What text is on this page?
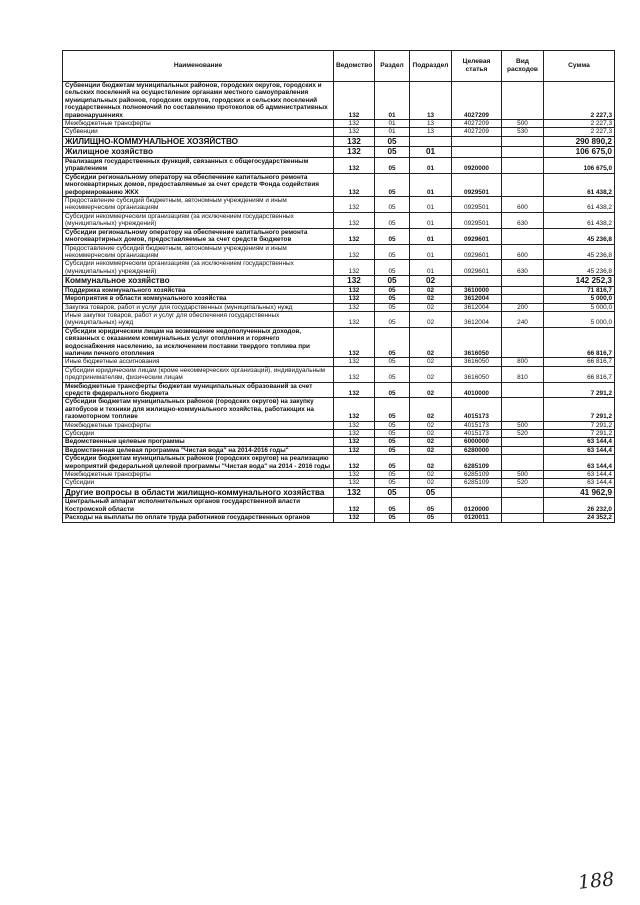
Наименование	Ведомство	Раздел	Подраздел	Целевая статья	Вид расходов	Сумма
Субвенции бюджетам муниципальных районов, городских округов, городских и сельских поселений на осуществление органами местного самоуправления муниципальных районов, городских округов, городских и сельских поселений государственных полномочий по составлению протоколов об административных правонарушениях	132	01	13	4027209		2 227,3
Межбюджетные трансферты	132	01	13	4027209	500	2 227,3
Субвенции	132	01	13	4027209	530	2 227,3
ЖИЛИЩНО-КОММУНАЛЬНОЕ ХОЗЯЙСТВО	132	05				290 890,2
Жилищное хозяйство	132	05	01			106 675,0
Реализация государственных функций, связанных с общегосударственным управлением	132	05	01	0920000		106 675,0
Субсидии региональному оператору на обеспечение капитального ремонта многоквартирных домов, предоставляемые за счет средств Фонда содействия реформированию ЖКХ	132	05	01	0929501		61 438,2
Предоставление субсидий бюджетным, автономным учреждениям и иным некоммерческим организациям	132	05	01	0929501	600	61 438,2
Субсидии некоммерческим организациям (за исключением государственных (муниципальных) учреждений)	132	05	01	0929501	630	61 438,2
Субсидии региональному оператору на обеспечение капитального ремонта многоквартирных домов, предоставляемые за счет средств бюджетов	132	05	01	0929601		45 236,8
Предоставление субсидий бюджетным, автономным учреждениям и иным некоммерческим организациям	132	05	01	0929601	600	45 236,8
Субсидии некоммерческим организациям (за исключением государственных (муниципальных) учреждений)	132	05	01	0929601	630	45 236,8
Коммунальное хозяйство	132	05	02			142 252,3
Поддержка коммунального хозяйства	132	05	02	3610000		71 816,7
Мероприятия в области коммунального хозяйства	132	05	02	3612004		5 000,0
Закупка товаров, работ и услуг для государственных (муниципальных) нужд	132	05	02	3612004	200	5 000,0
Иные закупки товаров, работ и услуг для обеспечения государственных (муниципальных) нужд	132	05	02	3612004	240	5 000,0
Субсидии юридическим лицам на возмещение недополученных доходов, связанных с оказанием коммунальных услуг отопления и горячего водоснабжения населению, за исключением поставки твердого топлива при наличии печного отопления	132	05	02	3616050		66 816,7
Иные бюджетные ассигнования	132	05	02	3616050	800	66 816,7
Субсидии юридическим лицам (кроме некоммерческих организаций), индивидуальным предпринимателям, физическим лицам	132	05	02	3616050	810	66 816,7
Межбюджетные трансферты бюджетам муниципальных образований за счет средств федерального бюджета	132	05	02	4010000		7 291,2
Субсидии бюджетам муниципальных районов (городских округов) на закупку автобусов и техники для жилищно-коммунального хозяйства, работающих на газомоторном топливе	132	05	02	4015173		7 291,2
Межбюджетные трансферты	132	05	02	4015173	500	7 291,2
Субсидии	132	05	02	4015173	520	7 291,2
Ведомственные целевые программы	132	05	02	6000000		63 144,4
Ведомственная целевая программа "Чистая вода" на 2014-2016 годы"	132	05	02	6280000		63 144,4
Субсидии бюджетам муниципальных районов (городских округов) на реализацию мероприятий федеральной целевой программы "Чистая вода" на 2014 - 2016 годы	132	05	02	6285109		63 144,4
Межбюджетные трансферты	132	05	02	6285109	500	63 144,4
Субсидии	132	05	02	6285109	520	63 144,4
Другие вопросы в области жилищно-коммунального хозяйства	132	05	05			41 962,9
Центральный аппарат исполнительных органов государственной власти Костромской области	132	05	05	0120000		26 232,0
Расходы на выплаты по оплате труда работников государственных органов	132	05	05	0120011		24 352,2
188
